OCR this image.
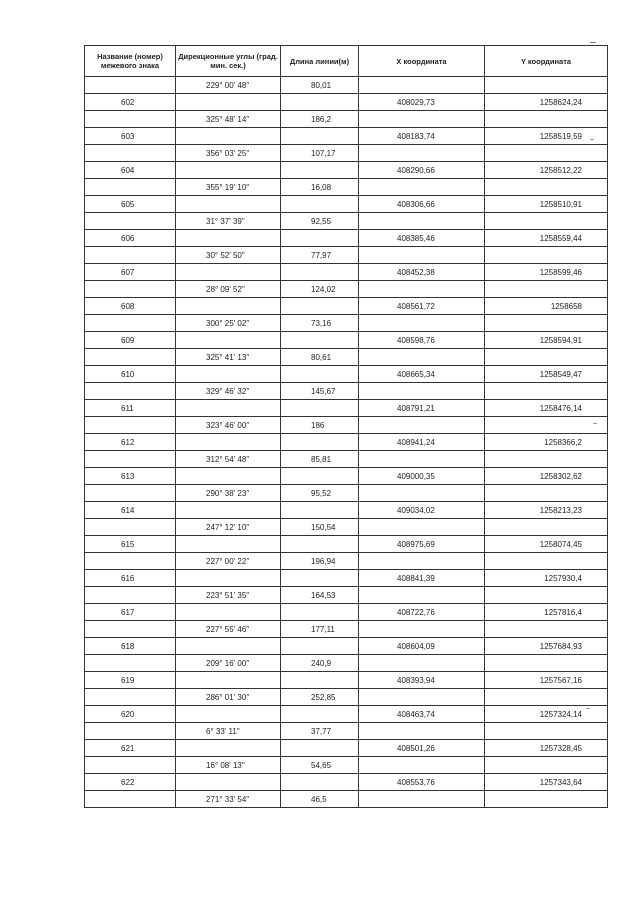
Название (номер) межевого знака	Дирекционные углы (град. мин. сек.)	Длина линии(м)	Х координата	Y координата
	229° 00' 48"	80,01		
602			408029,73	1258624,24
	325° 48' 14"	186,2		
603			408183,74	1258519,59
	356° 03' 25"	107,17		
604			408290,66	1258512,22
	355° 19' 10"	16,08		
605			408306,66	1258510,91
	31° 37' 39"	92,55		
606			408385,46	1258559,44
	30° 52' 50"	77,97		
607			408452,38	1258599,46
	28° 09' 52"	124,02		
608			408561,72	1258658
	300° 25' 02"	73,16		
609			408598,76	1258594,91
	325° 41' 13"	80,61		
610			408665,34	1258549,47
	329° 46' 32"	145,67		
611			408791,21	1258476,14
	323° 46' 00"	186		
612			408941,24	1258366,2
	312° 54' 48"	85,81		
613			409000,35	1258302,62
	290° 38' 23"	95,52		
614			409034,02	1258213,23
	247° 12' 10"	150,54		
615			408975,69	1258074,45
	227° 00' 22"	196,94		
616			408841,39	1257930,4
	223° 51' 35"	164,53		
617			408722,76	1257816,4
	227° 55' 46"	177,11		
618			408604,09	1257684,93
	209° 16' 00"	240,9		
619			408393,94	1257567,16
	286° 01' 30"	252,85		
620			408463,74	1257324,14
	6° 33' 11"	37,77		
621			408501,26	1257328,45
	16° 08' 13"	54,65		
622			408553,76	1257343,64
	271° 33' 54"	46,5		
